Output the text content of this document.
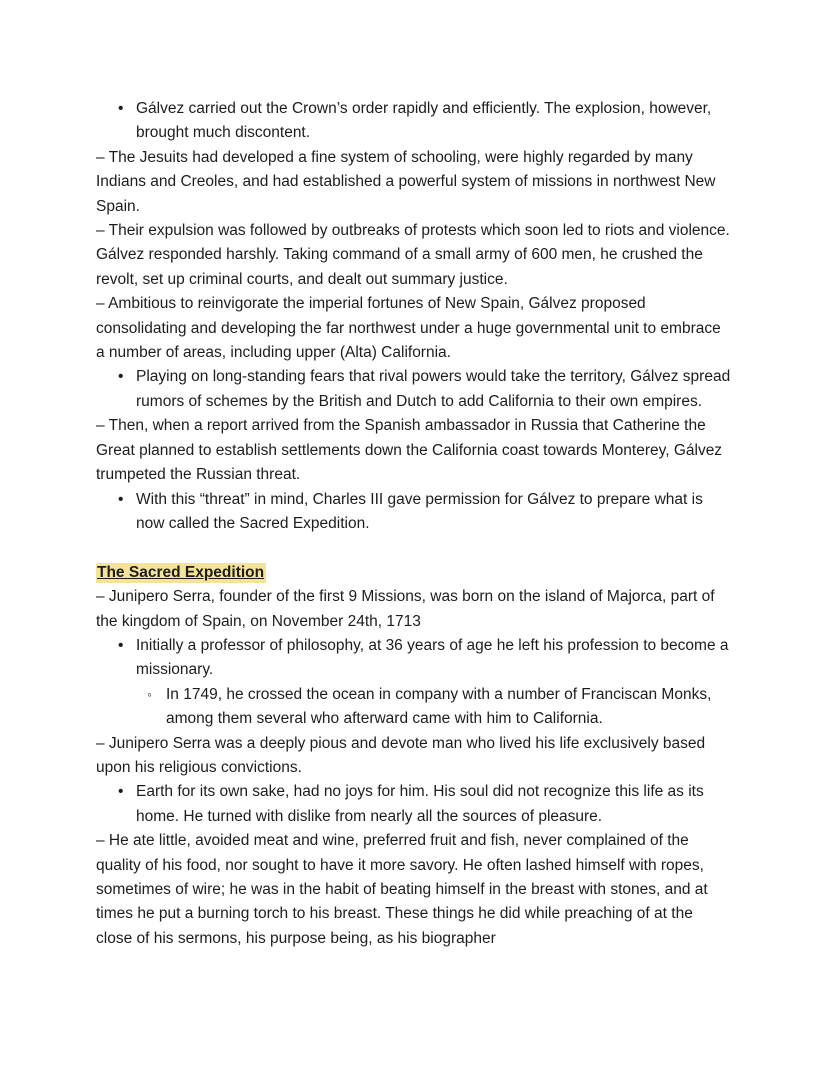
• Gálvez carried out the Crown’s order rapidly and efficiently. The explosion, however, brought much discontent.
– The Jesuits had developed a fine system of schooling, were highly regarded by many Indians and Creoles, and had established a powerful system of missions in northwest New Spain.
– Their expulsion was followed by outbreaks of protests which soon led to riots and violence. Gálvez responded harshly. Taking command of a small army of 600 men, he crushed the revolt, set up criminal courts, and dealt out summary justice.
– Ambitious to reinvigorate the imperial fortunes of New Spain, Gálvez proposed consolidating and developing the far northwest under a huge governmental unit to embrace a number of areas, including upper (Alta) California.
• Playing on long-standing fears that rival powers would take the territory, Gálvez spread rumors of schemes by the British and Dutch to add California to their own empires.
– Then, when a report arrived from the Spanish ambassador in Russia that Catherine the Great planned to establish settlements down the California coast towards Monterey, Gálvez trumpeted the Russian threat.
• With this “threat” in mind, Charles III gave permission for Gálvez to prepare what is now called the Sacred Expedition.
The Sacred Expedition
– Junipero Serra, founder of the first 9 Missions, was born on the island of Majorca, part of the kingdom of Spain, on November 24th, 1713
• Initially a professor of philosophy, at 36 years of age he left his profession to become a missionary.
◦ In 1749, he crossed the ocean in company with a number of Franciscan Monks, among them several who afterward came with him to California.
– Junipero Serra was a deeply pious and devote man who lived his life exclusively based upon his religious convictions.
• Earth for its own sake, had no joys for him. His soul did not recognize this life as its home. He turned with dislike from nearly all the sources of pleasure.
– He ate little, avoided meat and wine, preferred fruit and fish, never complained of the quality of his food, nor sought to have it more savory. He often lashed himself with ropes, sometimes of wire; he was in the habit of beating himself in the breast with stones, and at times he put a burning torch to his breast. These things he did while preaching of at the close of his sermons, his purpose being, as his biographer
